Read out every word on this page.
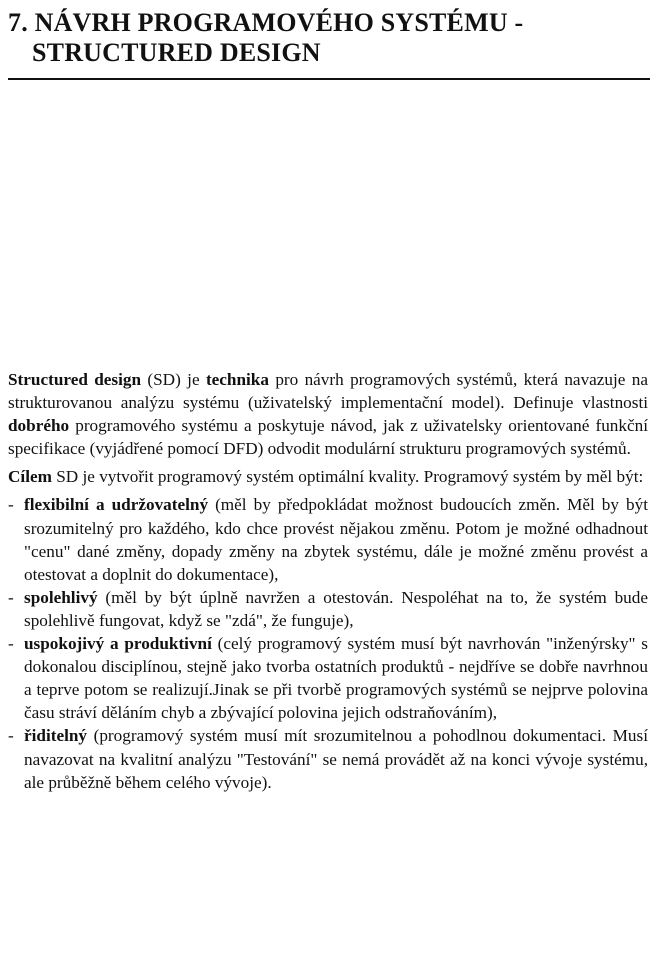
7. NÁVRH PROGRAMOVÉHO SYSTÉMU -
STRUCTURED DESIGN

Structured design (SD) je technika pro návrh programových systémů, která navazuje na strukturovanou analýzu systému (uživatelský implementační model). Definuje vlastnosti dobrého programového systému a poskytuje návod, jak z uživatelsky orientované funkční specifikace (vyjádřené pomocí DFD) odvodit modulární strukturu programových systémů.

Cílem SD je vytvořit programový systém optimální kvality. Programový systém by měl být:

- flexibilní a udržovatelný (měl by předpokládat možnost budoucích změn. Měl by být srozumitelný pro každého, kdo chce provést nějakou změnu. Potom je možné odhadnout "cenu" dané změny, dopady změny na zbytek systému, dále je možné změnu provést a otestovat a doplnit do dokumentace),
- spolehlivý (měl by být úplně navržen a otestován. Nespoléhat na to, že systém bude spolehlivě fungovat, když se "zdá", že funguje),
- uspokojivý a produktivní (celý programový systém musí být navrhován "inženýrsky" s dokonalou disciplínou, stejně jako tvorba ostatních produktů - nejdříve se dobře navrhnou a teprve potom se realizují.Jinak se při tvorbě programových systémů se nejprve polovina času stráví děláním chyb a zbývající polovina jejich odstraňováním),
- řiditelný (programový systém musí mít srozumitelnou a pohodlnou dokumentaci. Musí navazovat na kvalitní analýzu "Testování" se nemá provádět až na konci vývoje systému, ale průběžně během celého vývoje).
